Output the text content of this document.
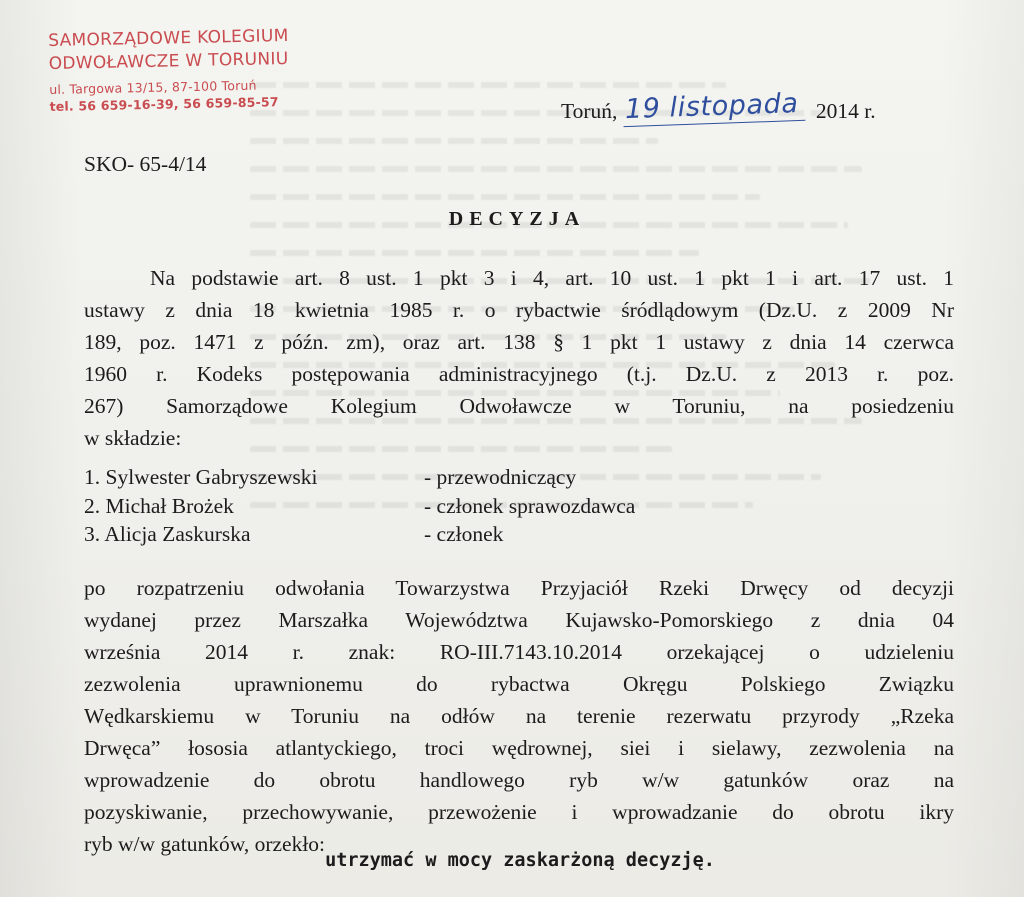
SAMORZĄDOWE KOLEGIUM
ODWOŁAWCZE W TORUNIU
ul. Targowa 13/15, 87-100 Toruń
tel. 56 659-16-39, 56 659-85-57	Toruń, 19 listopada 2014 r.
SKO- 65-4/14
DECYZJA
Na podstawie art. 8 ust. 1 pkt 3 i 4, art. 10 ust. 1 pkt 1 i art. 17 ust. 1
ustawy z dnia 18 kwietnia 1985 r. o rybactwie śródlądowym (Dz.U. z 2009 Nr
189, poz. 1471 z późn. zm), oraz art. 138 § 1 pkt 1 ustawy z dnia 14 czerwca
1960 r. Kodeks postępowania administracyjnego (t.j. Dz.U. z 2013 r. poz.
267) Samorządowe Kolegium Odwoławcze w Toruniu, na posiedzeniu
w składzie:
1. Sylwester Gabryszewski	- przewodniczący
2. Michał Brożek	- członek sprawozdawca
3. Alicja Zaskurska	- członek
po rozpatrzeniu odwołania Towarzystwa Przyjaciół Rzeki Drwęcy od decyzji
wydanej przez Marszałka Województwa Kujawsko-Pomorskiego z dnia 04
września 2014 r. znak: RO-III.7143.10.2014 orzekającej o udzieleniu
zezwolenia uprawnionemu do rybactwa Okręgu Polskiego Związku
Wędkarskiemu w Toruniu na odłów na terenie rezerwatu przyrody „Rzeka
Drwęca” łososia atlantyckiego, troci wędrownej, siei i sielawy, zezwolenia na
wprowadzenie do obrotu handlowego ryb w/w gatunków oraz na
pozyskiwanie, przechowywanie, przewożenie i wprowadzanie do obrotu ikry
ryb w/w gatunków, orzekło:
utrzymać w mocy zaskarżoną decyzję.
